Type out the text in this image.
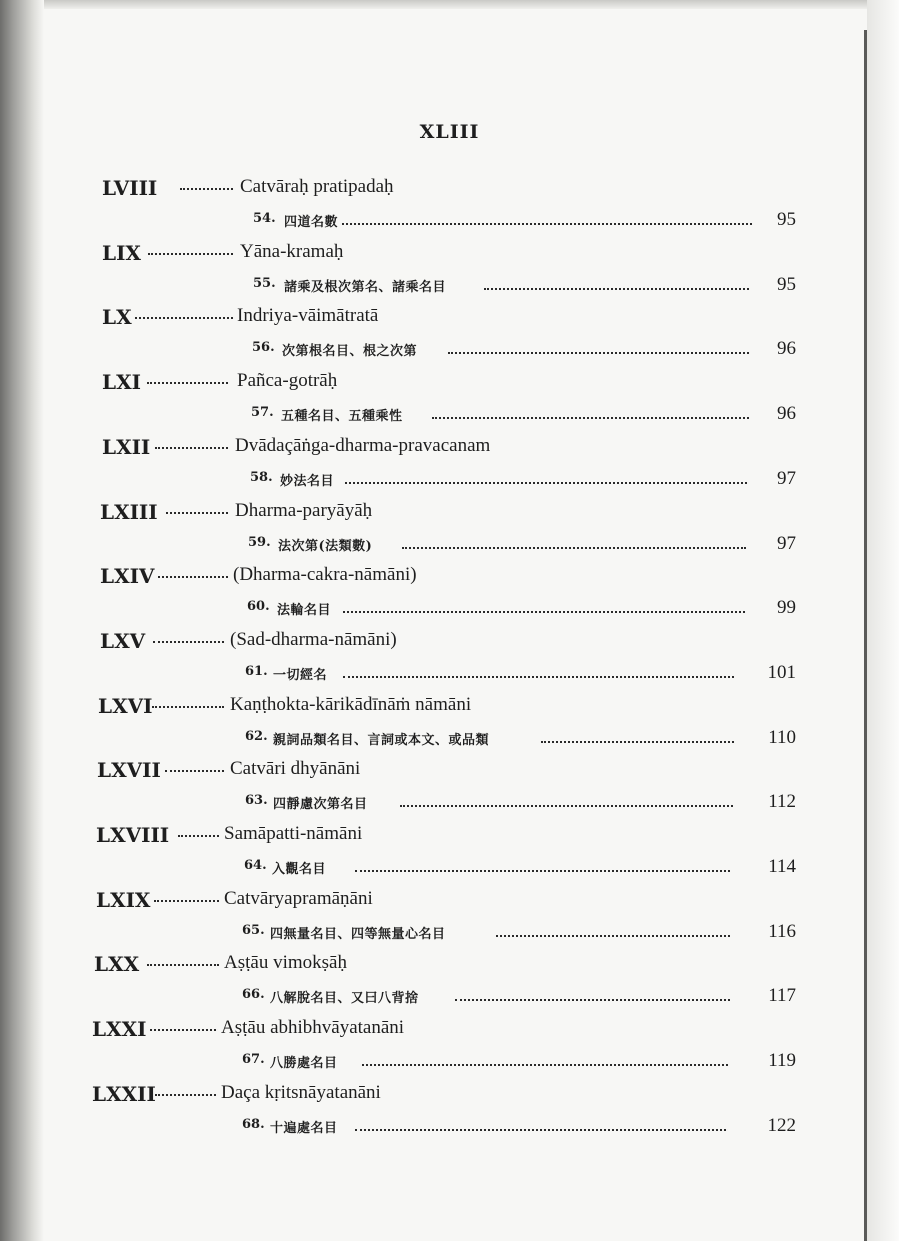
XLIII
LVIII	Catvāraḥ pratipadaḥ
54. 四道名數	95
LIX	Yāna-kramaḥ
55. 諸乘及根次第名、諸乘名目	95
LX	Indriya-vāimātratā
56. 次第根名目、根之次第	96
LXI	Pañca-gotrāḥ
57. 五種名目、五種乘性	96
LXII	Dvādaçāṅga-dharma-pravacanam
58. 妙法名目	97
LXIII	Dharma-paryāyāḥ
59. 法次第(法類數)	97
LXIV	(Dharma-cakra-nāmāni)
60. 法輪名目	99
LXV	(Sad-dharma-nāmāni)
61. 一切經名	101
LXVI	Kaṇṭhokta-kārikādīnāṁ nāmāni
62. 親詞品類名目、言詞或本文、或品類	110
LXVII	Catvāri dhyānāni
63. 四靜慮次第名目	112
LXVIII	Samāpatti-nāmāni
64. 入觀名目	114
LXIX	Catvāryapramāṇāni
65. 四無量名目、四等無量心名目	116
LXX	Aṣṭāu vimokṣāḥ
66. 八解脫名目、又曰八背捨	117
LXXI	Aṣṭāu abhibhvāyatanāni
67. 八勝處名目	119
LXXII	Daça kṛitsnāyatanāni
68. 十遍處名目	122
